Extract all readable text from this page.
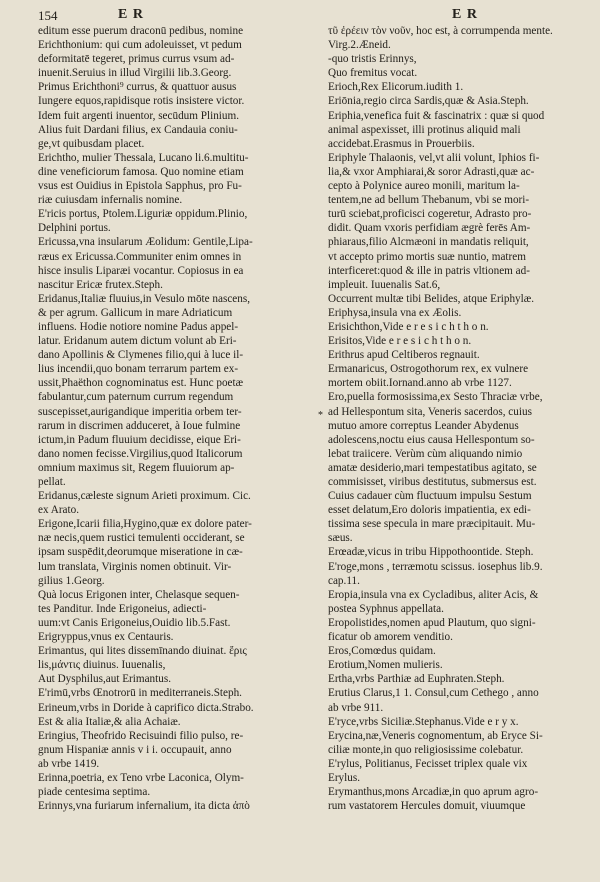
154	E R	E R
editum esse puerum draconū pedibus, nomine
Erichthonium: qui cum adoleuisset, vt pedum
deformitatē tegeret, primus currus vsum ad-
inuenit.Seruius in illud Virgilii lib.3.Georg.
Primus Erichthoni⁹ currus, & quattuor ausus
Iungere equos,rapidisque rotis insistere victor.
Idem fuit argenti inuentor, secūdum Plinium.
Alius fuit Dardani filius, ex Candauia coniu-
ge,vt quibusdam placet.
Erichtho, mulier Thessala, Lucano li.6.multitu-
dine veneficiorum famosa. Quo nomine etiam
vsus est Ouidius in Epistola Sapphus, pro Fu-
riæ cuiusdam infernalis nomine.
E'ricis portus, Ptolem.Liguriæ oppidum.Plinio,
Delphini portus.
Ericussa,vna insularum Æolidum: Gentile,Lipa-
ræus ex Ericussa.Communiter enim omnes in
hisce insulis Liparæi vocantur. Copiosus in ea
nascitur Ericæ frutex.Steph.
Eridanus,Italiæ fluuius,in Vesulo mōte nascens,
& per agrum. Gallicum in mare Adriaticum
influens. Hodie notiore nomine Padus appel-
latur. Eridanum autem dictum volunt ab Eri-
dano Apollinis & Clymenes filio,qui à luce il-
lius incendii,quo bonam terrarum partem ex-
ussit,Phaëthon cognominatus est. Hunc poetæ
fabulantur,cum paternum currum regendum
suscepisset,aurigandique imperitia orbem ter-
rarum in discrimen adduceret, à Ioue fulmine
ictum,in Padum fluuium decidisse, eique Eri-
dano nomen fecisse.Virgilius,quod Italicorum
omnium maximus sit, Regem fluuiorum ap-
pellat.
Eridanus,cæleste signum Arieti proximum. Cic.
ex Arato.
Erigone,Icarii filia,Hygino,quæ ex dolore pater-
næ necis,quem rustici temulenti occiderant, se
ipsam suspēdit,deorumque miseratione in cæ-
lum translata, Virginis nomen obtinuit. Vir-
gilius 1.Georg.
Quà locus Erigonen inter, Chelasque sequen-
tes Panditur. Inde Erigoneius, adiecti-
uum:vt Canis Erigoneius,Ouidio lib.5.Fast.
Erigryppus,vnus ex Centauris.
Erimantus, qui lites dissemīnando diuinat. ἔρις
lis,μάντις diuinus. Iuuenalis,
Aut Dysphilus,aut Erimantus.
E'rimū,vrbs Œnotrorū in mediterraneis.Steph.
Erineum,vrbs in Doride à caprifico dicta.Strabo.
Est & alia Italiæ,& alia Achaiæ.
Eringius, Theofrido Recisuindi filio pulso, re-
gnum Hispaniæ annis v i i. occupauit, anno
ab vrbe 1419.
Erinna,poetria, ex Teno vrbe Laconica, Olym-
piade centesima septima.
Erinnys,vna furiarum infernalium, ita dicta ἀπὸ
τῦ ἐρέειν τὸν νοῦν, hoc est, à corrumpenda mente.
Virg.2.Æneid.
-quo tristis Erinnys,
Quo fremitus vocat.
Erioch,Rex Elicorum.iudith 1.
Eriōnia,regio circa Sardis,quæ & Asia.Steph.
Eriphia,venefica fuit & fascinatrix : quæ si quod
animal aspexisset, illi protinus aliquid mali
accidebat.Erasmus in Prouerbiis.
Eriphyle Thalaonis, vel,vt alii volunt, Iphios fi-
lia,& vxor Amphiarai,& soror Adrasti,quæ ac-
cepto à Polynice aureo monili, maritum la-
tentem,ne ad bellum Thebanum, vbi se mori-
turū sciebat,proficisci cogeretur, Adrasto pro-
didit. Quam vxoris perfidiam ægrè ferēs Am-
phiaraus,filio Alcmæoni in mandatis reliquit,
vt accepto primo mortis suæ nuntio, matrem
interficeret:quod & ille in patris vltionem ad-
impleuit. Iuuenalis Sat.6,
Occurrent multæ tibi Belides, atque Eriphylæ.
Eriphysa,insula vna ex Æolis.
Erisichthon,Vide e r e s i c h t h o n.
Erisitos,Vide e r e s i c h t h o n.
Erithrus apud Celtiberos regnauit.
Ermanaricus, Ostrogothorum rex, ex vulnere
mortem obiit.Iornand.anno ab vrbe 1127.
Ero,puella formosissima,ex Sesto Thraciæ vrbe,
ad Hellespontum sita, Veneris sacerdos, cuius
mutuo amore correptus Leander Abydenus
adolescens,noctu eius causa Hellespontum so-
lebat traiicere. Verùm cùm aliquando nimio
amatæ desiderio,mari tempestatibus agitato, se
commisisset, viribus destitutus, submersus est.
Cuius cadauer cùm fluctuum impulsu Sestum
esset delatum,Ero doloris impatientia, ex edi-
tissima sese specula in mare præcipitauit. Mu-
sæus.
Erœadæ,vicus in tribu Hippothoontide. Steph.
E'roge,mons , terræmotu scissus. iosephus lib.9.
cap.11.
Eropia,insula vna ex Cycladibus, aliter Acis, &
postea Syphnus appellata.
Eropolistides,nomen apud Plautum, quo signi-
ficatur ob amorem venditio.
Eros,Comœdus quidam.
Erotium,Nomen mulieris.
Ertha,vrbs Parthiæ ad Euphraten.Steph.
Erutius Clarus,1 1. Consul,cum Cethego , anno
ab vrbe 911.
E'ryce,vrbs Siciliæ.Stephanus.Vide e r y x.
Erycina,næ,Veneris cognomentum, ab Eryce Si-
ciliæ monte,in quo religiosissime colebatur.
E'rylus, Politianus, Fecisset triplex quale vix
Erylus.
Erymanthus,mons Arcadiæ,in quo aprum agro-
rum vastatorem Hercules domuit, viuumque
*
